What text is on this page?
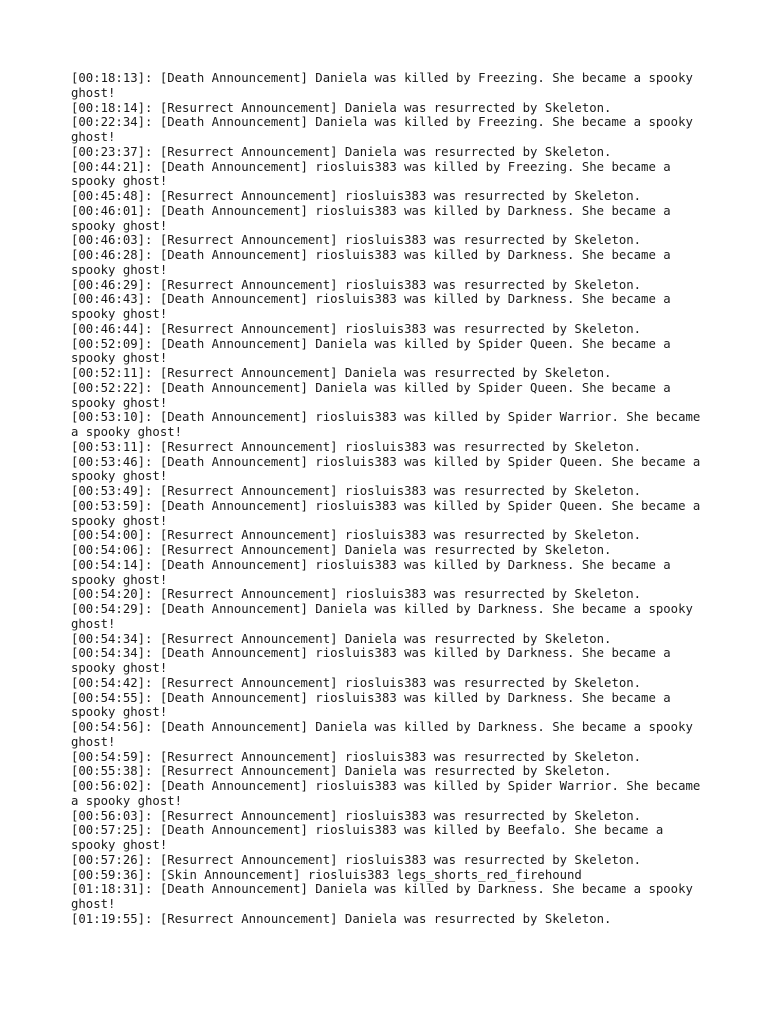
[00:18:13]: [Death Announcement] Daniela was killed by Freezing. She became a spooky ghost!

[00:18:14]: [Resurrect Announcement] Daniela was resurrected by Skeleton.

[00:22:34]: [Death Announcement] Daniela was killed by Freezing. She became a spooky ghost!

[00:23:37]: [Resurrect Announcement] Daniela was resurrected by Skeleton.

[00:44:21]: [Death Announcement] riosluis383 was killed by Freezing. She became a spooky ghost!

[00:45:48]: [Resurrect Announcement] riosluis383 was resurrected by Skeleton.

[00:46:01]: [Death Announcement] riosluis383 was killed by Darkness. She became a spooky ghost!

[00:46:03]: [Resurrect Announcement] riosluis383 was resurrected by Skeleton.

[00:46:28]: [Death Announcement] riosluis383 was killed by Darkness. She became a spooky ghost!

[00:46:29]: [Resurrect Announcement] riosluis383 was resurrected by Skeleton.

[00:46:43]: [Death Announcement] riosluis383 was killed by Darkness. She became a spooky ghost!

[00:46:44]: [Resurrect Announcement] riosluis383 was resurrected by Skeleton.

[00:52:09]: [Death Announcement] Daniela was killed by Spider Queen. She became a spooky ghost!

[00:52:11]: [Resurrect Announcement] Daniela was resurrected by Skeleton.

[00:52:22]: [Death Announcement] Daniela was killed by Spider Queen. She became a spooky ghost!

[00:53:10]: [Death Announcement] riosluis383 was killed by Spider Warrior. She became a spooky ghost!

[00:53:11]: [Resurrect Announcement] riosluis383 was resurrected by Skeleton.

[00:53:46]: [Death Announcement] riosluis383 was killed by Spider Queen. She became a spooky ghost!

[00:53:49]: [Resurrect Announcement] riosluis383 was resurrected by Skeleton.

[00:53:59]: [Death Announcement] riosluis383 was killed by Spider Queen. She became a spooky ghost!

[00:54:00]: [Resurrect Announcement] riosluis383 was resurrected by Skeleton.

[00:54:06]: [Resurrect Announcement] Daniela was resurrected by Skeleton.

[00:54:14]: [Death Announcement] riosluis383 was killed by Darkness. She became a spooky ghost!

[00:54:20]: [Resurrect Announcement] riosluis383 was resurrected by Skeleton.

[00:54:29]: [Death Announcement] Daniela was killed by Darkness. She became a spooky ghost!

[00:54:34]: [Resurrect Announcement] Daniela was resurrected by Skeleton.

[00:54:34]: [Death Announcement] riosluis383 was killed by Darkness. She became a spooky ghost!

[00:54:42]: [Resurrect Announcement] riosluis383 was resurrected by Skeleton.

[00:54:55]: [Death Announcement] riosluis383 was killed by Darkness. She became a spooky ghost!

[00:54:56]: [Death Announcement] Daniela was killed by Darkness. She became a spooky ghost!

[00:54:59]: [Resurrect Announcement] riosluis383 was resurrected by Skeleton.

[00:55:38]: [Resurrect Announcement] Daniela was resurrected by Skeleton.

[00:56:02]: [Death Announcement] riosluis383 was killed by Spider Warrior. She became a spooky ghost!

[00:56:03]: [Resurrect Announcement] riosluis383 was resurrected by Skeleton.

[00:57:25]: [Death Announcement] riosluis383 was killed by Beefalo. She became a spooky ghost!

[00:57:26]: [Resurrect Announcement] riosluis383 was resurrected by Skeleton.

[00:59:36]: [Skin Announcement] riosluis383 legs_shorts_red_firehound

[01:18:31]: [Death Announcement] Daniela was killed by Darkness. She became a spooky ghost!

[01:19:55]: [Resurrect Announcement] Daniela was resurrected by Skeleton.
